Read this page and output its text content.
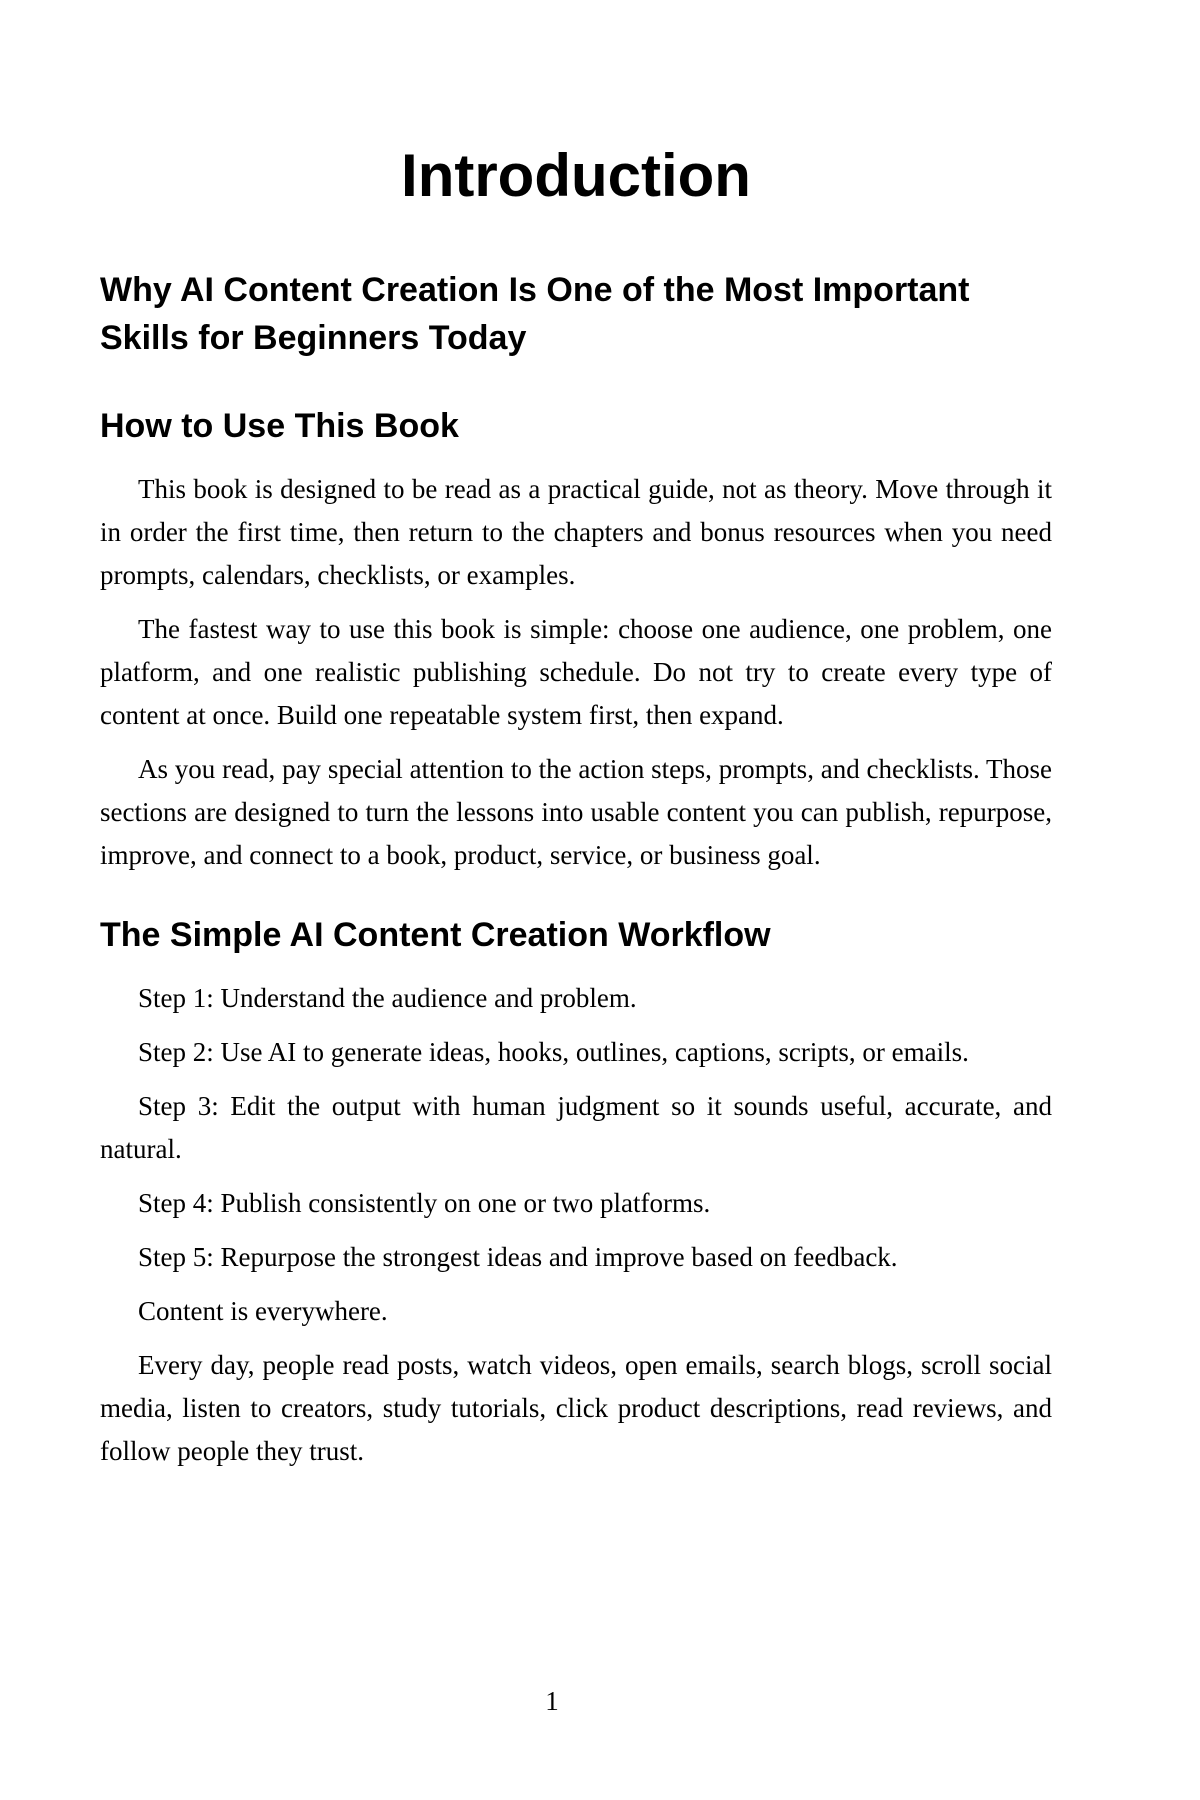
Introduction
Why AI Content Creation Is One of the Most Important Skills for Beginners Today
How to Use This Book

This book is designed to be read as a practical guide, not as theory. Move through it in order the first time, then return to the chapters and bonus resources when you need prompts, calendars, checklists, or examples.

The fastest way to use this book is simple: choose one audience, one problem, one platform, and one realistic publishing schedule. Do not try to create every type of content at once. Build one repeatable system first, then expand.

As you read, pay special attention to the action steps, prompts, and checklists. Those sections are designed to turn the lessons into usable content you can publish, repurpose, improve, and connect to a book, product, service, or business goal.

The Simple AI Content Creation Workflow

Step 1: Understand the audience and problem.

Step 2: Use AI to generate ideas, hooks, outlines, captions, scripts, or emails.

Step 3: Edit the output with human judgment so it sounds useful, accurate, and natural.

Step 4: Publish consistently on one or two platforms.

Step 5: Repurpose the strongest ideas and improve based on feedback.

Content is everywhere.

Every day, people read posts, watch videos, open emails, search blogs, scroll social media, listen to creators, study tutorials, click product descriptions, read reviews, and follow people they trust.

1
